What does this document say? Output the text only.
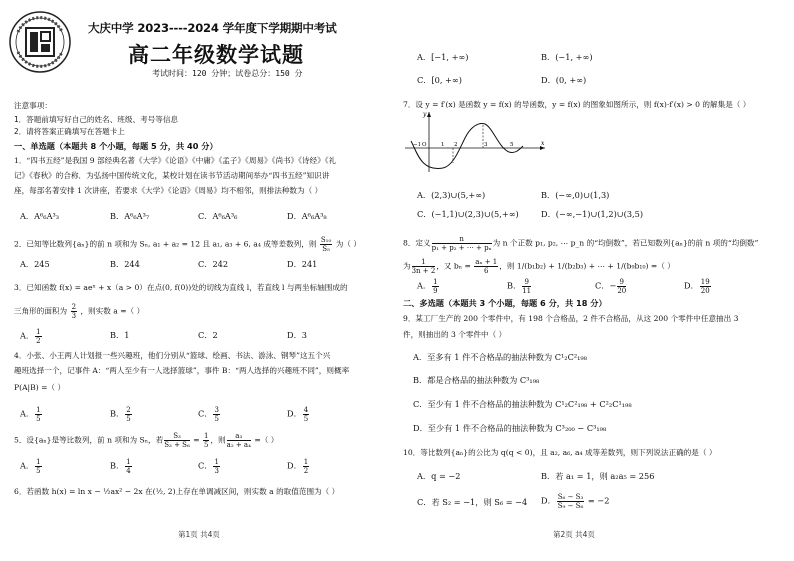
大庆中学 2023----2024 学年度下学期期中考试
高二年级数学试题
考试时间：120 分钟；试卷总分：150 分
注意事项：
1．答题前填写好自己的姓名、班级、考号等信息
2．请将答案正确填写在答题卡上
一、单选题（本题共 8 个小题，每题 5 分，共 40 分）
1．“四书五经”是我国 9 部经典名著《大学》《论语》《中庸》《孟子》《周易》《尚书》《诗经》《礼
记》《春秋》的合称．为弘扬中国传统文化，某校计划在读书节活动期间举办“四书五经”知识讲
座，每部名著安排 1 次讲座，若要求《大学》《论语》《周易》均不相邻，则排法种数为（ ）
A．A⁶₆A³₃	B．A⁶₆A³₇	C．A⁶₆A³₆	D．A⁶₆A³₈
2．已知等比数列{aₙ}的前 n 项和为 Sₙ, a₁ + a₂ = 12 且 a₁, a₃ + 6, a₄ 成等差数列，则 $\frac{\text{S₁₀}}{\text{S₅}}$ 为（ ）
A．245	B．244	C．242	D．241
3．已知函数 f(x) = aeˣ + x（a > 0）在点(0, f(0))处的切线为直线 l，若直线 l 与两坐标轴围成的
三角形的面积为 $\frac{2}{3}$ ，则实数 a =（ ）
A． $\frac{1}{2}$	B．1	C．2	D．3
4．小张、小王两人计划报一些兴趣班，他们分别从“篮球、绘画、书法、游泳、钢琴”这五个兴
趣班选择一个，记事件 A：“两人至少有一人选择篮球”，事件 B：“两人选择的兴趣班不同”，则概率
P(A|B) =（ ）
A． $\frac{1}{5}$	B． $\frac{2}{5}$	C． $\frac{3}{5}$	D． $\frac{4}{5}$
5．设{aₙ}是等比数列，前 n 项和为 Sₙ，若 $\frac{\text{S₃}}{\text{S₃ + S₆}} = \frac{1}{5}$ ，则 $\frac{\text{a₃}}{\text{a₂ + a₄}}$ =（ ）
A． $\frac{1}{5}$	B． $\frac{1}{4}$	C． $\frac{1}{3}$	D． $\frac{1}{2}$
6．若函数 h(x) = ln x − ½ax² − 2x 在(½, 2)上存在单调减区间，则实数 a 的取值范围为（ ）
第1页 共4页
A．[−1, +∞)	B．(−1, +∞)
C．[0, +∞)	D．(0, +∞)
7．设 y = f′(x) 是函数 y = f(x) 的导函数，y = f(x) 的图象如图所示，则 f(x)·f′(x) > 0 的解集是（ ）
y
x
−1 O	1 2	3	5
A．(2,3)∪(5,+∞)	B．(−∞,0)∪(1,3)
C．(−1,1)∪(2,3)∪(5,+∞)	D．(−∞,−1)∪(1,2)∪(3,5)
8．定义 $\frac{n}{\text{p₁ + p₂ + ⋯ + pₙ}}$ 为 n 个正数 p₁, p₂, ⋯ p_n 的“均倒数”，若已知数列{aₙ}的前 n 项的“均倒数”
为 $\frac{1}{3n + 2}$ ，又 $b_n = \frac{\text{aₙ + 1}}{6}$ ，则 1/(b₁b₂) + 1/(b₂b₃) + ⋯ + 1/(b₉b₁₀) =（ ）
A． $\frac{1}{9}$	B． $\frac{9}{11}$	C．− $\frac{9}{20}$	D． $\frac{19}{20}$
二、多选题（本题共 3 个小题，每题 6 分，共 18 分）
9．某工厂生产的 200 个零件中，有 198 个合格品，2 件不合格品，从这 200 个零件中任意抽出 3
件，则抽出的 3 个零件中（ ）
A．至多有 1 件不合格品的抽法种数为 C¹₂C²₁₉₈
B．都是合格品的抽法种数为 C³₁₉₈
C．至少有 1 件不合格品的抽法种数为 C¹₂C²₁₉₈ + C²₂C¹₁₉₈
D．至少有 1 件不合格品的抽法种数为 C³₂₀₀ − C³₁₉₈
10．等比数列{aₙ}的公比为 q(q < 0)，且 a₂, a₆, a₄ 成等差数列，则下列说法正确的是（ ）
A．q = −2	B．若 a₁ = 1，则 a₂a₅ = 256
C．若 S₂ = −1，则 S₆ = −4 D． $\frac{\text{S₆ − S₃}}{\text{S₉ − S₆}} = -2$
第2页 共4页
